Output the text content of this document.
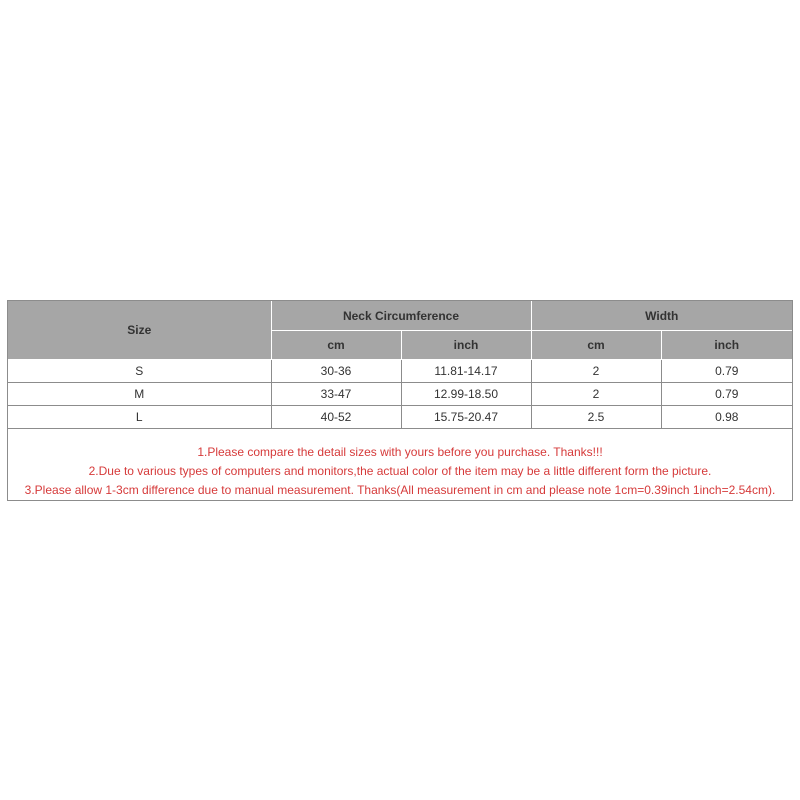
Size	Neck Circumference		Width	
	cm	inch	cm	inch
S	30-36	11.81-14.17	2	0.79
M	33-47	12.99-18.50	2	0.79
L	40-52	15.75-20.47	2.5	0.98
1.Please compare the detail sizes with yours before you purchase. Thanks!!!
2.Due to various types of computers and monitors,the actual color of the item may be a little different form the picture.
3.Please allow 1-3cm difference due to manual measurement. Thanks(All measurement in cm and please note 1cm=0.39inch 1inch=2.54cm).
